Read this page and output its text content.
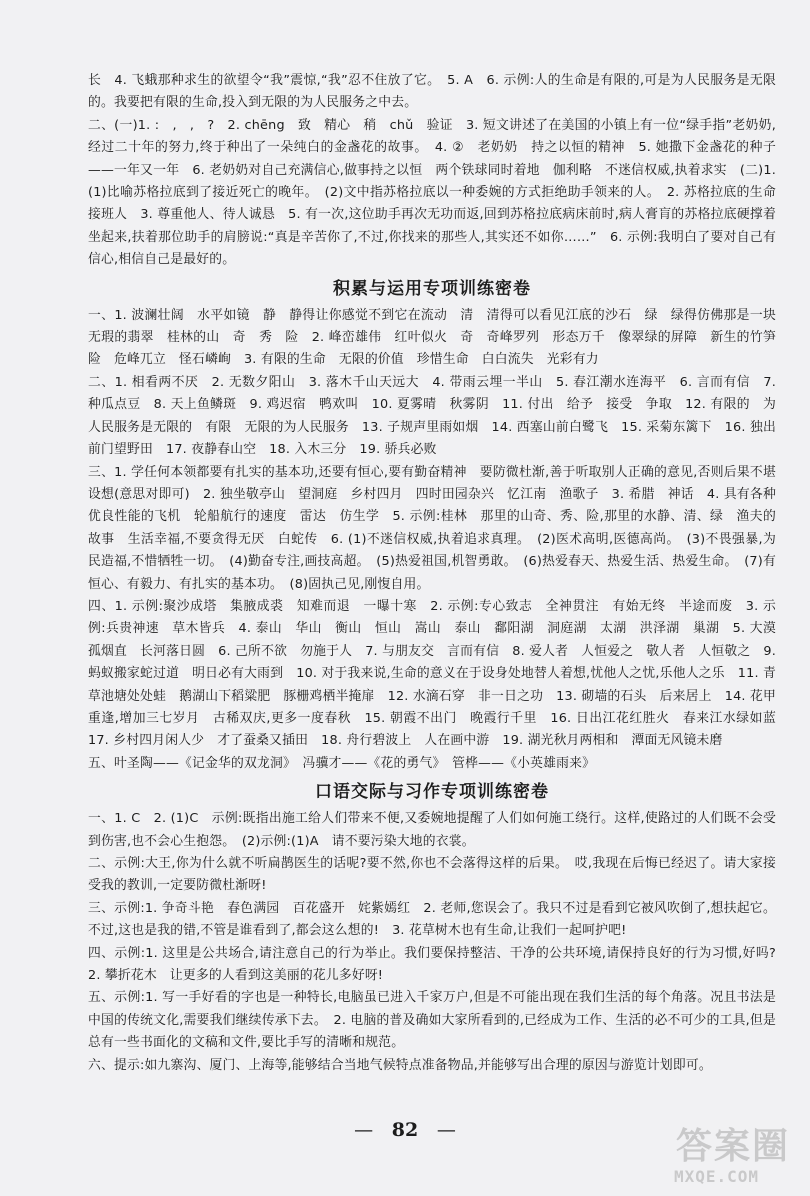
长　4. 飞蛾那种求生的欲望令“我”震惊,“我”忍不住放了它。　5. A　6. 示例:人的生命是有限的,可是为人民服务是无限的。我要把有限的生命,投入到无限的为人民服务之中去。

二、(一)1. :　,　,　?　2. chēng　致　精心　稍　chǔ　验证　3. 短文讲述了在美国的小镇上有一位“绿手指”老奶奶,经过二十年的努力,终于种出了一朵纯白的金盏花的故事。　4. ②　老奶奶　持之以恒的精神　5. 她撒下金盏花的种子——一年又一年　6. 老奶奶对自己充满信心,做事持之以恒　两个铁球同时着地　伽利略　不迷信权威,执着求实　(二)1. (1)比喻苏格拉底到了接近死亡的晚年。　(2)文中指苏格拉底以一种委婉的方式拒绝助手领来的人。　2. 苏格拉底的生命　接班人　3. 尊重他人、待人诚恳　5. 有一次,这位助手再次无功而返,回到苏格拉底病床前时,病人膏肓的苏格拉底硬撑着坐起来,扶着那位助手的肩膀说:“真是辛苦你了,不过,你找来的那些人,其实还不如你……”　6. 示例:我明白了要对自己有信心,相信自己是最好的。

积累与运用专项训练密卷

一、1. 波澜壮阔　水平如镜　静　静得让你感觉不到它在流动　清　清得可以看见江底的沙石　绿　绿得仿佛那是一块无瑕的翡翠　桂林的山　奇　秀　险　2. 峰峦雄伟　红叶似火　奇　奇峰罗列　形态万千　像翠绿的屏障　新生的竹笋　险　危峰兀立　怪石嶙峋　3. 有限的生命　无限的价值　珍惜生命　白白流失　光彩有力

二、1. 相看两不厌　2. 无数夕阳山　3. 落木千山天远大　4. 带雨云埋一半山　5. 春江潮水连海平　6. 言而有信　7. 种瓜点豆　8. 天上鱼鳞斑　9. 鸡迟宿　鸭欢叫　10. 夏雾晴　秋雾阴　11. 付出　给予　接受　争取　12. 有限的　为人民服务是无限的　有限　无限的为人民服务　13. 子规声里雨如烟　14. 西塞山前白鹭飞　15. 采菊东篱下　16. 独出前门望野田　17. 夜静春山空　18. 入木三分　19. 骄兵必败

三、1. 学任何本领都要有扎实的基本功,还要有恒心,要有勤奋精神　要防微杜渐,善于听取别人正确的意见,否则后果不堪设想(意思对即可)　2. 独坐敬亭山　望洞庭　乡村四月　四时田园杂兴　忆江南　渔歌子　3. 希腊　神话　4. 具有各种优良性能的飞机　轮船航行的速度　雷达　仿生学　5. 示例:桂林　那里的山奇、秀、险,那里的水静、清、绿　渔夫的故事　生活幸福,不要贪得无厌　白蛇传　6. (1)不迷信权威,执着追求真理。　(2)医术高明,医德高尚。　(3)不畏强暴,为民造福,不惜牺牲一切。　(4)勤奋专注,画技高超。　(5)热爱祖国,机智勇敢。　(6)热爱春天、热爱生活、热爱生命。　(7)有恒心、有毅力、有扎实的基本功。　(8)固执己见,刚愎自用。

四、1. 示例:聚沙成塔　集腋成裘　知难而退　一曝十寒　2. 示例:专心致志　全神贯注　有始无终　半途而废　3. 示例:兵贵神速　草木皆兵　4. 泰山　华山　衡山　恒山　嵩山　泰山　鄱阳湖　洞庭湖　太湖　洪泽湖　巢湖　5. 大漠孤烟直　长河落日圆　6. 己所不欲　勿施于人　7. 与朋友交　言而有信　8. 爱人者　人恒爱之　敬人者　人恒敬之　9. 蚂蚁搬家蛇过道　明日必有大雨到　10. 对于我来说,生命的意义在于设身处地替人着想,忧他人之忧,乐他人之乐　11. 青草池塘处处蛙　鹅湖山下稻粱肥　豚栅鸡栖半掩扉　12. 水滴石穿　非一日之功　13. 砌墙的石头　后来居上　14. 花甲重逢,增加三七岁月　古稀双庆,更多一度春秋　15. 朝霞不出门　晚霞行千里　16. 日出江花红胜火　春来江水绿如蓝　17. 乡村四月闲人少　才了蚕桑又插田　18. 舟行碧波上　人在画中游　19. 湖光秋月两相和　潭面无风镜未磨

五、叶圣陶——《记金华的双龙洞》　冯骥才——《花的勇气》　管桦——《小英雄雨来》

口语交际与习作专项训练密卷

一、1. C　2. (1)C　示例:既指出施工给人们带来不便,又委婉地提醒了人们如何施工绕行。这样,使路过的人们既不会受到伤害,也不会心生抱怨。　(2)示例:(1)A　请不要污染大地的衣裳。

二、示例:大王,你为什么就不听扁鹊医生的话呢?要不然,你也不会落得这样的后果。　哎,我现在后悔已经迟了。请大家接受我的教训,一定要防微杜渐呀!

三、示例:1. 争奇斗艳　春色满园　百花盛开　姹紫嫣红　2. 老师,您误会了。我只不过是看到它被风吹倒了,想扶起它。不过,这也是我的错,不管是谁看到了,都会这么想的!　3. 花草树木也有生命,让我们一起呵护吧!

四、示例:1. 这里是公共场合,请注意自己的行为举止。我们要保持整洁、干净的公共环境,请保持良好的行为习惯,好吗?　2. 攀折花木　让更多的人看到这美丽的花儿多好呀!

五、示例:1. 写一手好看的字也是一种特长,电脑虽已进入千家万户,但是不可能出现在我们生活的每个角落。况且书法是中国的传统文化,需要我们继续传承下去。　2. 电脑的普及确如大家所看到的,已经成为工作、生活的必不可少的工具,但是总有一些书面化的文稿和文件,要比手写的清晰和规范。

六、提示:如九寨沟、厦门、上海等,能够结合当地气候特点准备物品,并能够写出合理的原因与游览计划即可。

— 82 —	答案圈
MXQE.COM
